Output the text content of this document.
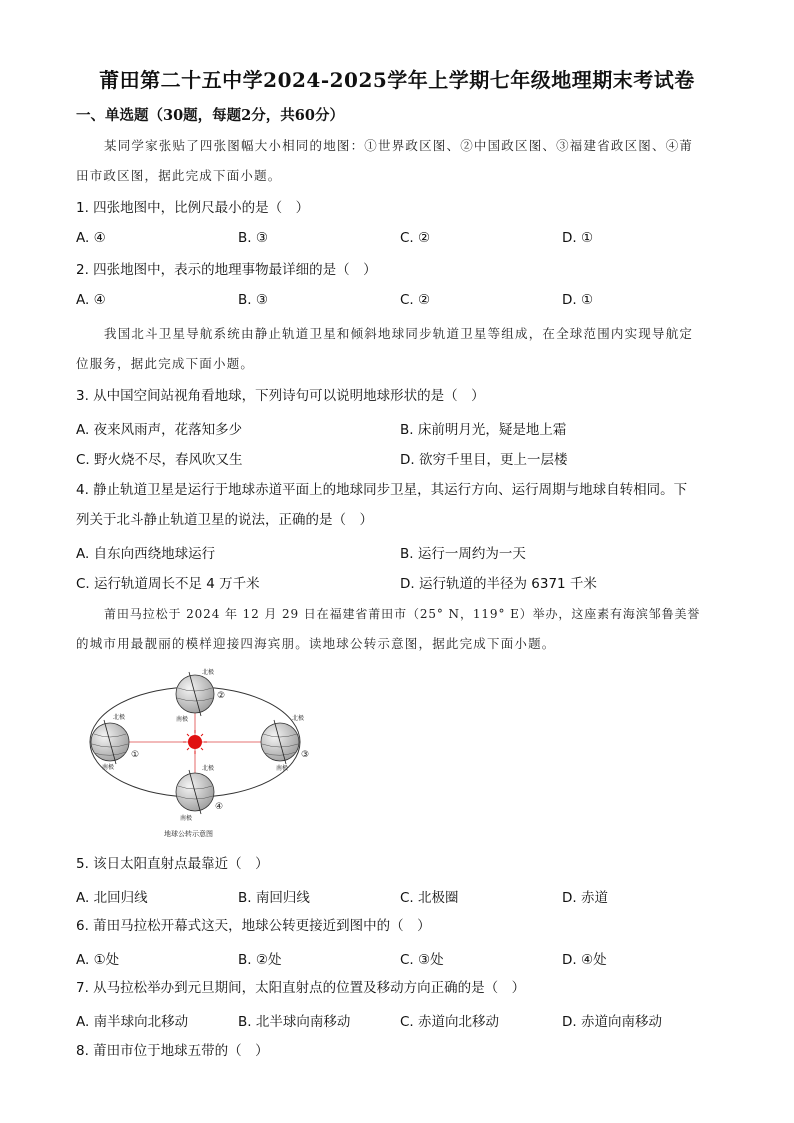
莆田第二十五中学2024-2025学年上学期七年级地理期末考试卷
一、单选题（30题，每题2分，共60分）
某同学家张贴了四张图幅大小相同的地图：①世界政区图、②中国政区图、③福建省政区图、④莆
田市政区图，据此完成下面小题。
1. 四张地图中，比例尺最小的是（　）
A. ④	B. ③	C. ②	D. ①
2. 四张地图中，表示的地理事物最详细的是（　）
A. ④	B. ③	C. ②	D. ①
我国北斗卫星导航系统由静止轨道卫星和倾斜地球同步轨道卫星等组成，在全球范围内实现导航定
位服务，据此完成下面小题。
3. 从中国空间站视角看地球，下列诗句可以说明地球形状的是（　）
A. 夜来风雨声，花落知多少	B. 床前明月光，疑是地上霜
C. 野火烧不尽，春风吹又生	D. 欲穷千里目，更上一层楼
4. 静止轨道卫星是运行于地球赤道平面上的地球同步卫星，其运行方向、运行周期与地球自转相同。下
列关于北斗静止轨道卫星的说法，正确的是（　）
A. 自东向西绕地球运行	B. 运行一周约为一天
C. 运行轨道周长不足 4 万千米	D. 运行轨道的半径为 6371 千米
莆田马拉松于 2024 年 12 月 29 日在福建省莆田市（25° N，119° E）举办，这座素有海滨邹鲁美誉
的城市用最靓丽的模样迎接四海宾朋。读地球公转示意图，据此完成下面小题。
北极
南极
北极
南极
北极
南极
北极
南极
①
②
③
④
地球公转示意图
5. 该日太阳直射点最靠近（　）
A. 北回归线	B. 南回归线	C. 北极圈	D. 赤道
6. 莆田马拉松开幕式这天，地球公转更接近到图中的（　）
A. ①处	B. ②处	C. ③处	D. ④处
7. 从马拉松举办到元旦期间，太阳直射点的位置及移动方向正确的是（　）
A. 南半球向北移动	B. 北半球向南移动	C. 赤道向北移动	D. 赤道向南移动
8. 莆田市位于地球五带的（　）
